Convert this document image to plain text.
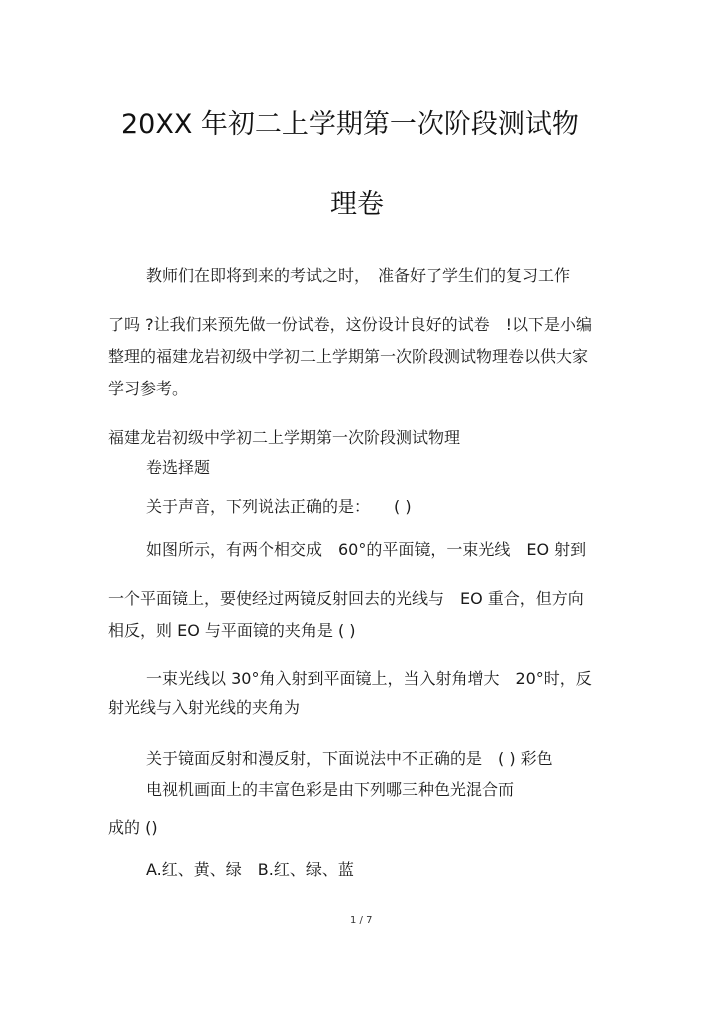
20XX 年初二上学期第一次阶段测试物
理卷
教师们在即将到来的考试之时，　准备好了学生们的复习工作
了吗 ?让我们来预先做一份试卷，这份设计良好的试卷　!以下是小编
整理的福建龙岩初级中学初二上学期第一次阶段测试物理卷以供大家
学习参考。
福建龙岩初级中学初二上学期第一次阶段测试物理
卷选择题
关于声音，下列说法正确的是：　　( )
如图所示，有两个相交成　60°的平面镜，一束光线　EO 射到
一个平面镜上，要使经过两镜反射回去的光线与　EO 重合，但方向
相反，则 EO 与平面镜的夹角是 ( )
一束光线以 30°角入射到平面镜上，当入射角增大　20°时，反
射光线与入射光线的夹角为
关于镜面反射和漫反射，下面说法中不正确的是　( ) 彩色
电视机画面上的丰富色彩是由下列哪三种色光混合而
成的 ()
A.红、黄、绿　B.红、绿、蓝
1 / 7
